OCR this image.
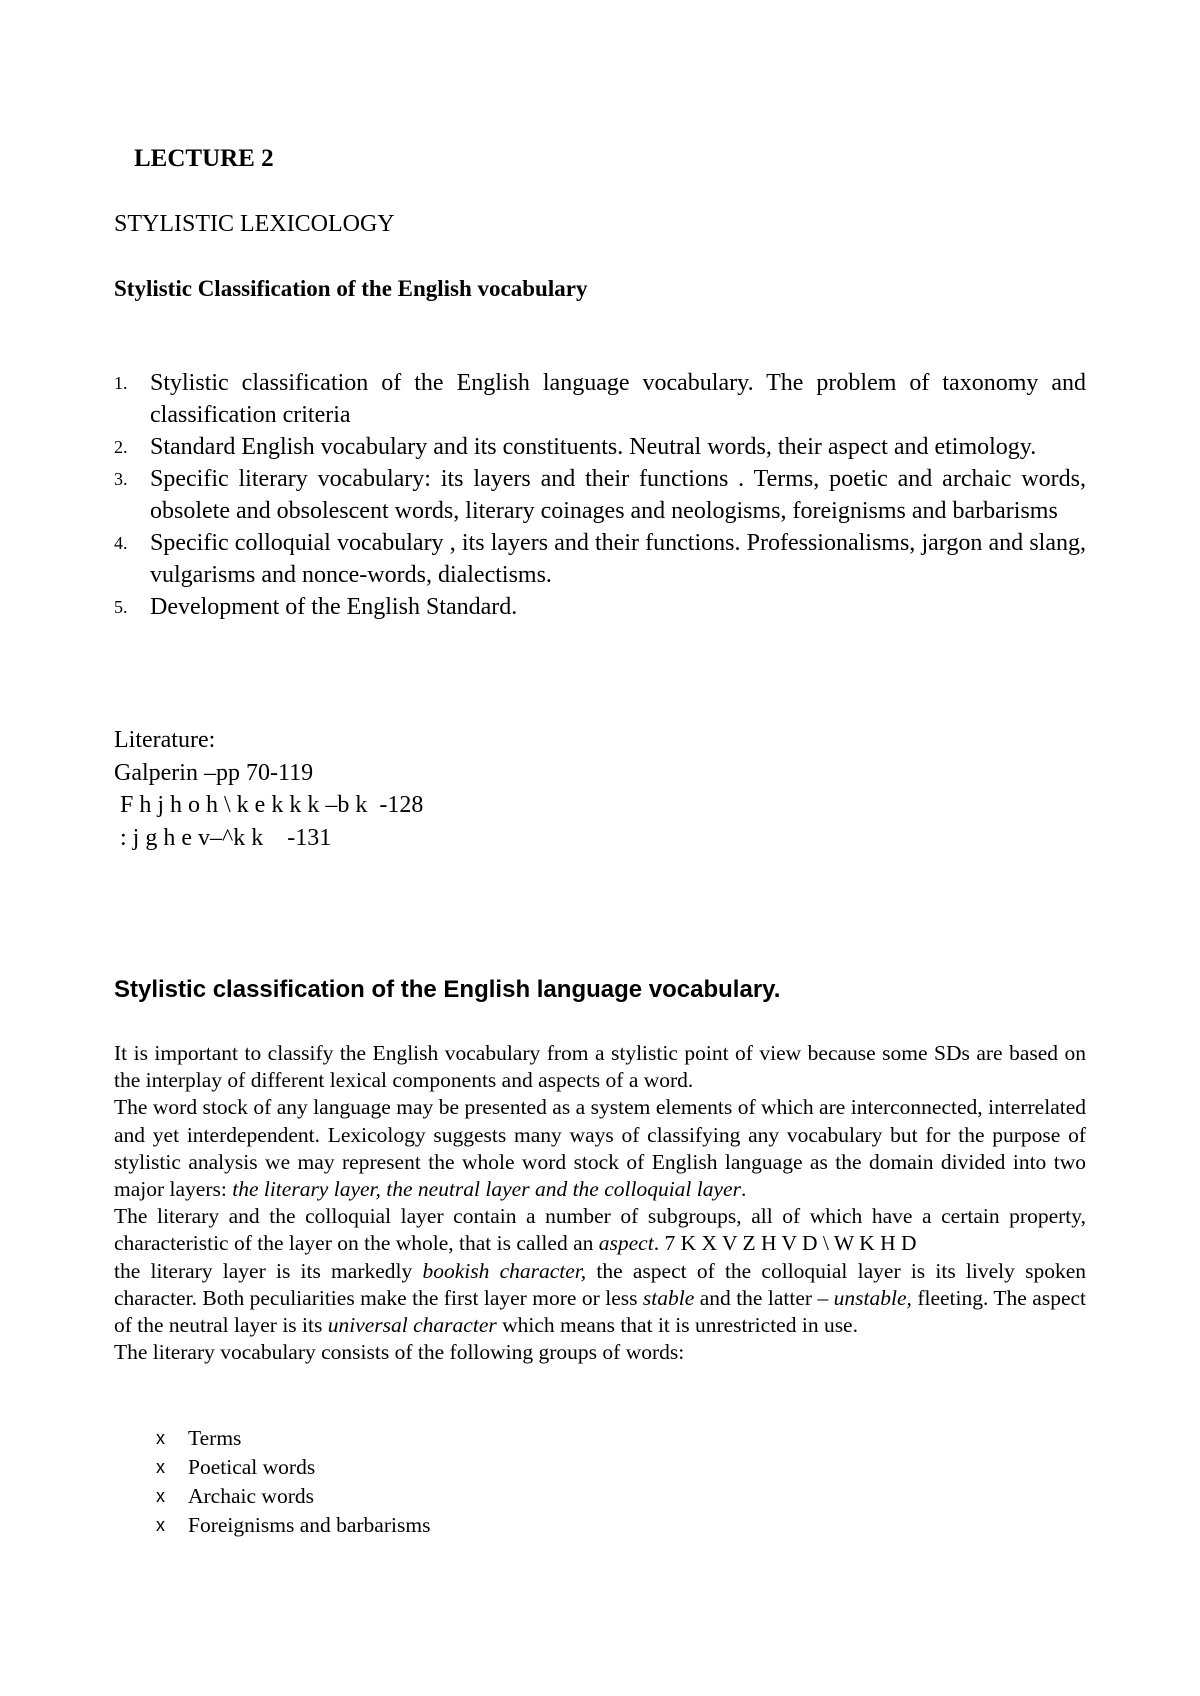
LECTURE 2
STYLISTIC LEXICOLOGY
Stylistic Classification of the English vocabulary
1. Stylistic classification of the English language vocabulary. The problem of taxonomy and classification criteria
2. Standard English vocabulary and its constituents. Neutral words, their aspect and etimology.
3. Specific literary vocabulary: its layers and their functions . Terms, poetic and archaic words, obsolete and obsolescent words, literary coinages and neologisms, foreignisms and barbarisms
4. Specific colloquial vocabulary , its layers and their functions. Professionalisms, jargon and slang, vulgarisms and nonce-words, dialectisms.
5. Development of the English Standard.
Literature:
Galperin –pp 70-119
F h j h o h \ k e k k k –b k  -128
: j g h e v–^k k    -131
Stylistic classification of the English language vocabulary.

It is important to classify the English vocabulary from a stylistic point of view because some SDs are based on the interplay of different lexical components and aspects of a word.

The word stock of any language may be presented as a system elements of which are interconnected, interrelated and yet interdependent. Lexicology suggests many ways of classifying any vocabulary but for the purpose of stylistic analysis we may represent the whole word stock of English language as the domain divided into two major layers: the literary layer, the neutral layer and the colloquial layer.

The literary and the colloquial layer contain a number of subgroups, all of which have a certain property, characteristic of the layer on the whole, that is called an aspect. 7 K X V Z H V D \ W K H D
the literary layer is its markedly bookish character, the aspect of the colloquial layer is its lively spoken character. Both peculiarities make the first layer more or less stable and the latter – unstable, fleeting. The aspect of the neutral layer is its universal character which means that it is unrestricted in use.

The literary vocabulary consists of the following groups of words:

x Terms
x Poetical words
x Archaic words
x Foreignisms and barbarisms
